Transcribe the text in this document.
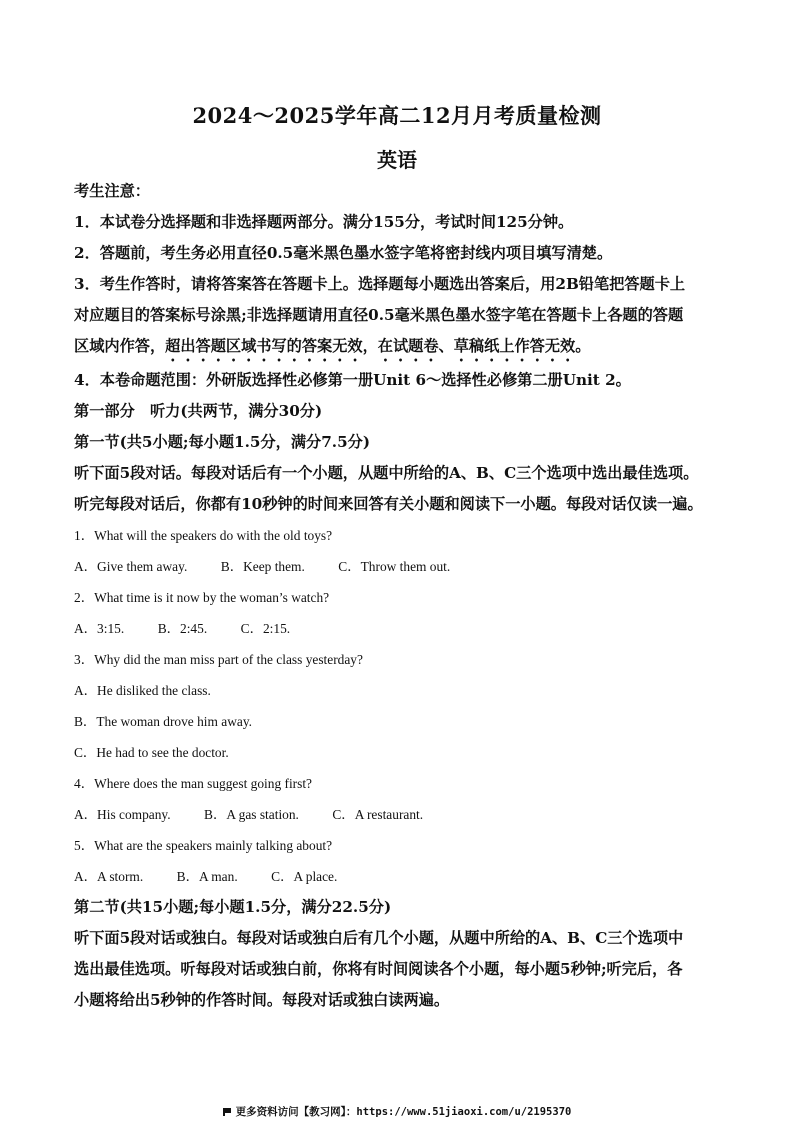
2024～2025学年高二12月月考质量检测
英语

考生注意：

1．本试卷分选择题和非选择题两部分。满分155分，考试时间125分钟。

2．答题前，考生务必用直径0.5毫米黑色墨水签字笔将密封线内项目填写清楚。

3．考生作答时，请将答案答在答题卡上。选择题每小题选出答案后，用2B铅笔把答题卡上

对应题目的答案标号涂黑;非选择题请用直径0.5毫米黑色墨水签字笔在答题卡上各题的答题

区域内作答，超出答题区域书写的答案无效，在试题卷、草稿纸上作答无效。

4．本卷命题范围：外研版选择性必修第一册Unit 6～选择性必修第二册Unit 2。

第一部分　听力(共两节，满分30分)

第一节(共5小题;每小题1.5分，满分7.5分)

听下面5段对话。每段对话后有一个小题，从题中所给的A、B、C三个选项中选出最佳选项。

听完每段对话后，你都有10秒钟的时间来回答有关小题和阅读下一小题。每段对话仅读一遍。

1．What will the speakers do with the old toys?

A．Give them away.          B．Keep them.          C．Throw them out.

2．What time is it now by the woman’s watch?

A．3:15.          B．2:45.          C．2:15.

3．Why did the man miss part of the class yesterday?

A．He disliked the class.

B．The woman drove him away.

C．He had to see the doctor.

4．Where does the man suggest going first?

A．His company.          B．A gas station.          C．A restaurant.

5．What are the speakers mainly talking about?

A．A storm.          B．A man.          C．A place.

第二节(共15小题;每小题1.5分，满分22.5分)

听下面5段对话或独白。每段对话或独白后有几个小题，从题中所给的A、B、C三个选项中

选出最佳选项。听每段对话或独白前，你将有时间阅读各个小题，每小题5秒钟;听完后，各

小题将给出5秒钟的作答时间。每段对话或独白读两遍。

更多资料访问【教习网】：https://www.51jiaoxi.com/u/2195370
